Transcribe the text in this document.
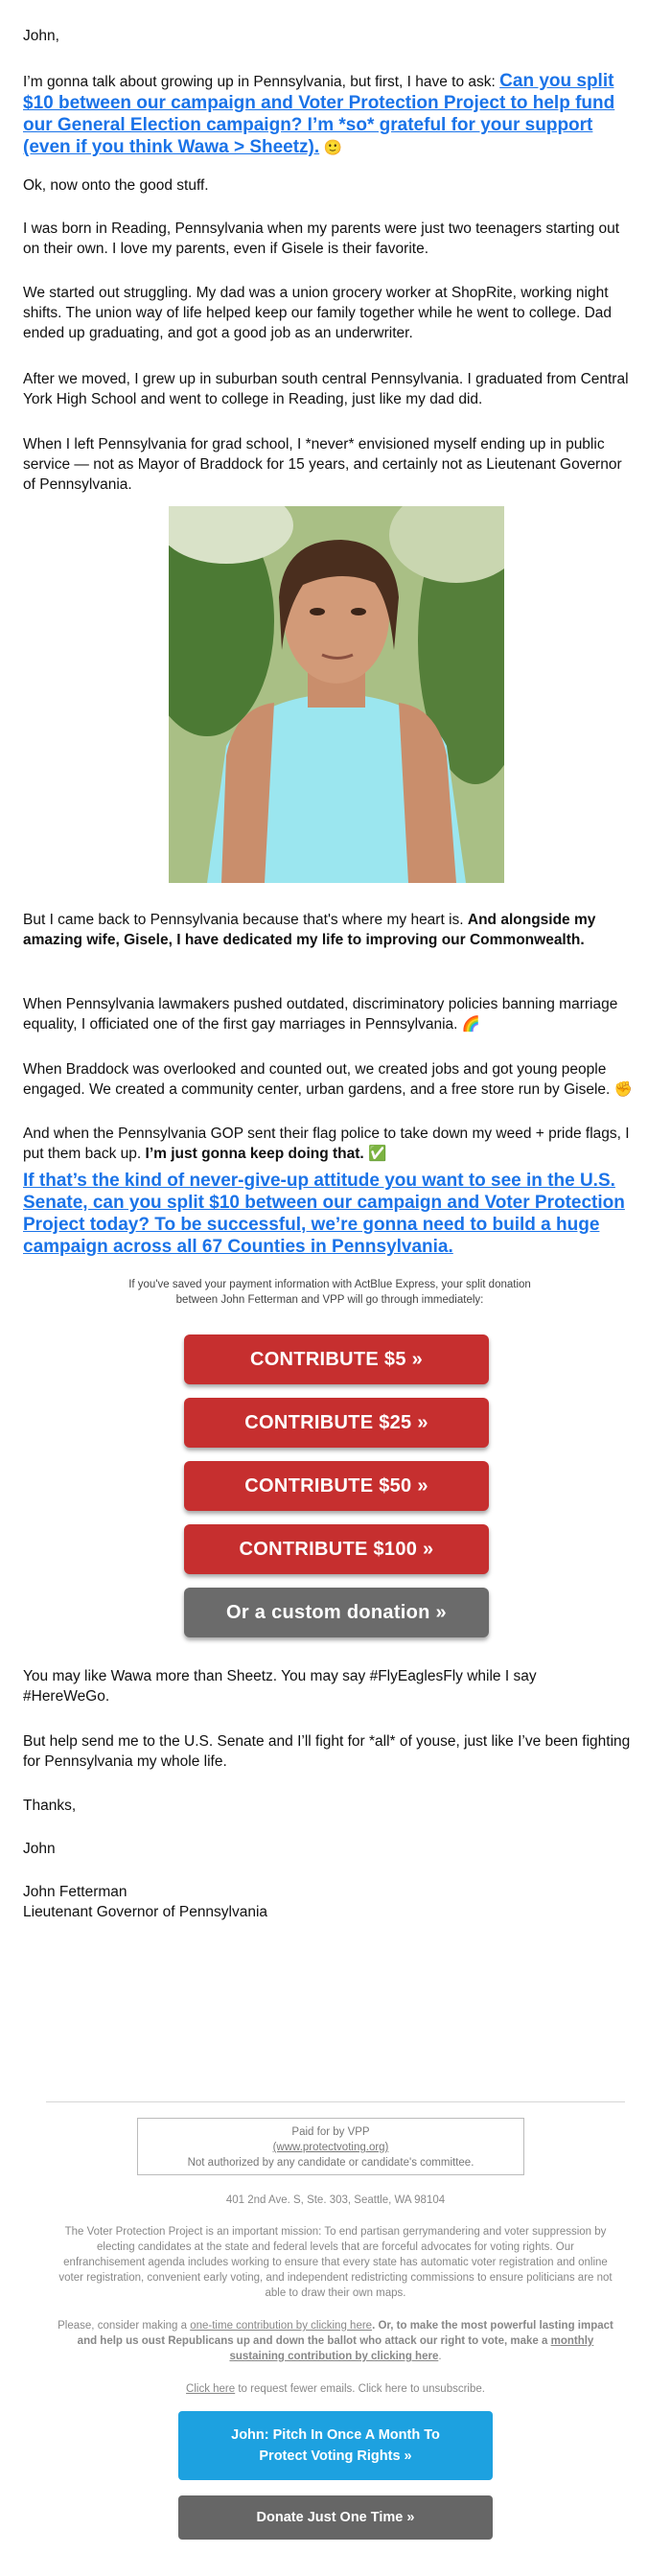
John,

I’m gonna talk about growing up in Pennsylvania, but first, I have to ask: Can you split $10 between our campaign and Voter Protection Project to help fund our General Election campaign? I’m *so* grateful for your support (even if you think Wawa > Sheetz). 🙂

Ok, now onto the good stuff.

I was born in Reading, Pennsylvania when my parents were just two teenagers starting out on their own. I love my parents, even if Gisele is their favorite.

We started out struggling. My dad was a union grocery worker at ShopRite, working night shifts. The union way of life helped keep our family together while he went to college. Dad ended up graduating, and got a good job as an underwriter.

After we moved, I grew up in suburban south central Pennsylvania. I graduated from Central York High School and went to college in Reading, just like my dad did.

When I left Pennsylvania for grad school, I *never* envisioned myself ending up in public service — not as Mayor of Braddock for 15 years, and certainly not as Lieutenant Governor of Pennsylvania.

But I came back to Pennsylvania because that's where my heart is. And alongside my amazing wife, Gisele, I have dedicated my life to improving our Commonwealth.

When Pennsylvania lawmakers pushed outdated, discriminatory policies banning marriage equality, I officiated one of the first gay marriages in Pennsylvania. 🌈

When Braddock was overlooked and counted out, we created jobs and got young people engaged. We created a community center, urban gardens, and a free store run by Gisele. ✊

And when the Pennsylvania GOP sent their flag police to take down my weed + pride flags, I put them back up. I’m just gonna keep doing that. ✅

If that’s the kind of never-give-up attitude you want to see in the U.S. Senate, can you split $10 between our campaign and Voter Protection Project today? To be successful, we’re gonna need to build a huge campaign across all 67 Counties in Pennsylvania.

If you've saved your payment information with ActBlue Express, your split donation between John Fetterman and VPP will go through immediately:

CONTRIBUTE $5 »
CONTRIBUTE $25 »
CONTRIBUTE $50 »
CONTRIBUTE $100 »
Or a custom donation »

You may like Wawa more than Sheetz. You may say #FlyEaglesFly while I say #HereWeGo.

But help send me to the U.S. Senate and I’ll fight for *all* of youse, just like I’ve been fighting for Pennsylvania my whole life.

Thanks,

John

John Fetterman

Lieutenant Governor of Pennsylvania

Paid for by VPP
(www.protectvoting.org)
Not authorized by any candidate or candidate's committee.

401 2nd Ave. S, Ste. 303, Seattle, WA 98104

The Voter Protection Project is an important mission: To end partisan gerrymandering and voter suppression by electing candidates at the state and federal levels that are forceful advocates for voting rights. Our enfranchisement agenda includes working to ensure that every state has automatic voter registration and online voter registration, convenient early voting, and independent redistricting commissions to ensure politicians are not able to draw their own maps.

Please, consider making a one-time contribution by clicking here. Or, to make the most powerful lasting impact and help us oust Republicans up and down the ballot who attack our right to vote, make a monthly sustaining contribution by clicking here.

Click here to request fewer emails. Click here to unsubscribe.

John: Pitch In Once A Month To Protect Voting Rights »
Donate Just One Time »
